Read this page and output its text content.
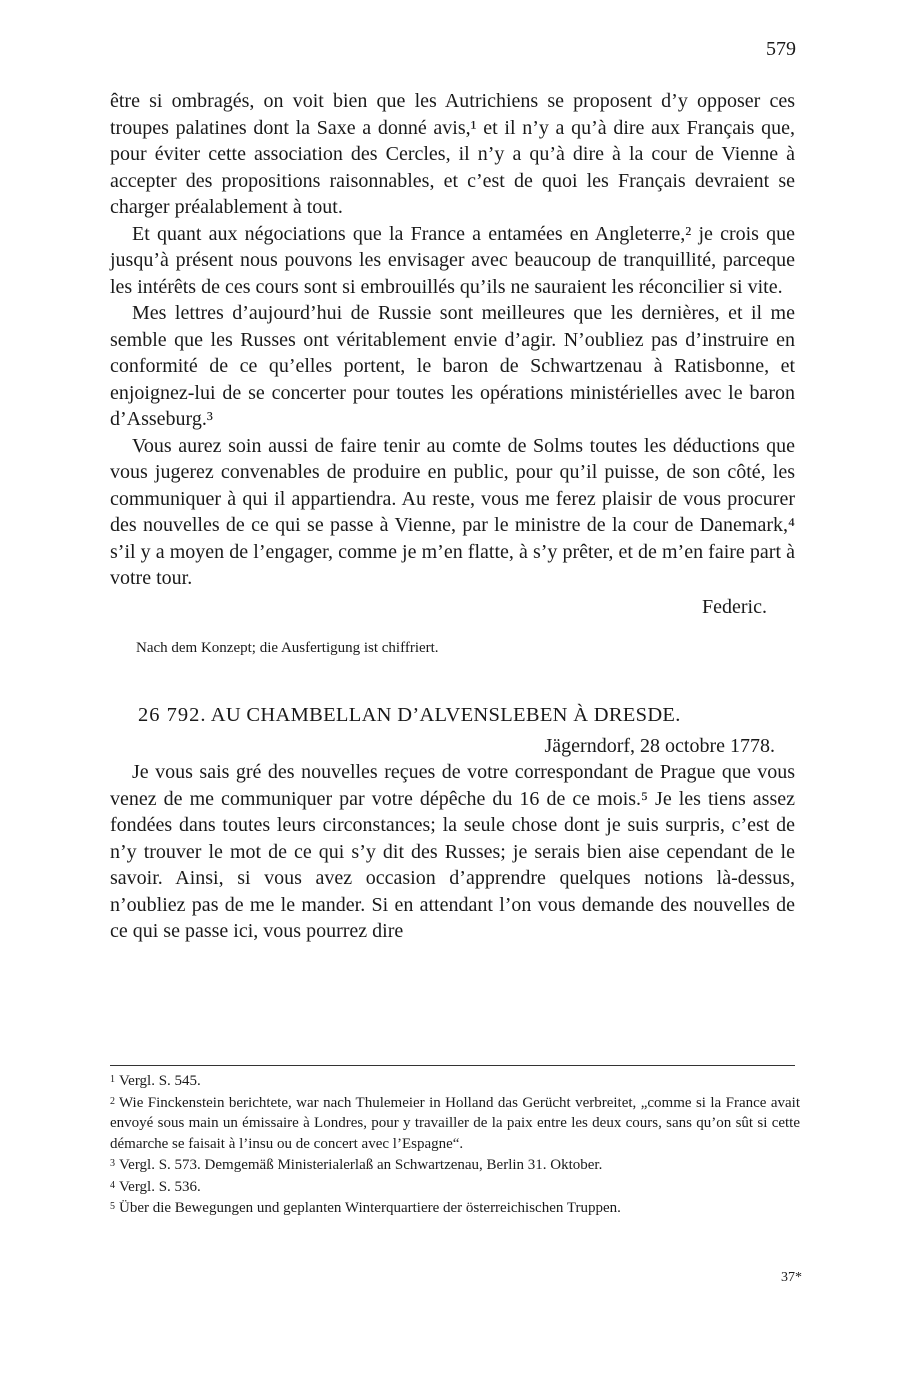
579

être si ombragés, on voit bien que les Autrichiens se proposent d’y opposer ces troupes palatines dont la Saxe a donné avis,¹ et il n’y a qu’à dire aux Français que, pour éviter cette association des Cercles, il n’y a qu’à dire à la cour de Vienne à accepter des propositions raisonnables, et c’est de quoi les Français devraient se charger préalablement à tout.

Et quant aux négociations que la France a entamées en Angleterre,² je crois que jusqu’à présent nous pouvons les envisager avec beaucoup de tranquillité, parceque les intérêts de ces cours sont si embrouillés qu’ils ne sauraient les réconcilier si vite.

Mes lettres d’aujourd’hui de Russie sont meilleures que les dernières, et il me semble que les Russes ont véritablement envie d’agir. N’oubliez pas d’instruire en conformité de ce qu’elles portent, le baron de Schwartzenau à Ratisbonne, et enjoignez-lui de se concerter pour toutes les opérations ministérielles avec le baron d’Asseburg.³

Vous aurez soin aussi de faire tenir au comte de Solms toutes les déductions que vous jugerez convenables de produire en public, pour qu’il puisse, de son côté, les communiquer à qui il appartiendra. Au reste, vous me ferez plaisir de vous procurer des nouvelles de ce qui se passe à Vienne, par le ministre de la cour de Danemark,⁴ s’il y a moyen de l’engager, comme je m’en flatte, à s’y prêter, et de m’en faire part à votre tour.

Federic.
Nach dem Konzept; die Ausfertigung ist chiffriert.
26 792. AU CHAMBELLAN D’ALVENSLEBEN À DRESDE.
Jägerndorf, 28 octobre 1778.

Je vous sais gré des nouvelles reçues de votre correspondant de Prague que vous venez de me communiquer par votre dépêche du 16 de ce mois.⁵ Je les tiens assez fondées dans toutes leurs circonstances; la seule chose dont je suis surpris, c’est de n’y trouver le mot de ce qui s’y dit des Russes; je serais bien aise cependant de le savoir. Ainsi, si vous avez occasion d’apprendre quelques notions là-dessus, n’oubliez pas de me le mander. Si en attendant l’on vous demande des nouvelles de ce qui se passe ici, vous pourrez dire

$^1$ Vergl. S. 545.

$^2$ Wie Finckenstein berichtete, war nach Thulemeier in Holland das Gerücht verbreitet, „comme si la France avait envoyé sous main un émissaire à Londres, pour y travailler de la paix entre les deux cours, sans qu’on sût si cette démarche se faisait à l’insu ou de concert avec l’Espagne“.

$^3$ Vergl. S. 573. Demgemäß Ministerialerlaß an Schwartzenau, Berlin 31. Oktober.

$^4$ Vergl. S. 536.

$^5$ Über die Bewegungen und geplanten Winterquartiere der österreichischen Truppen.

37*
